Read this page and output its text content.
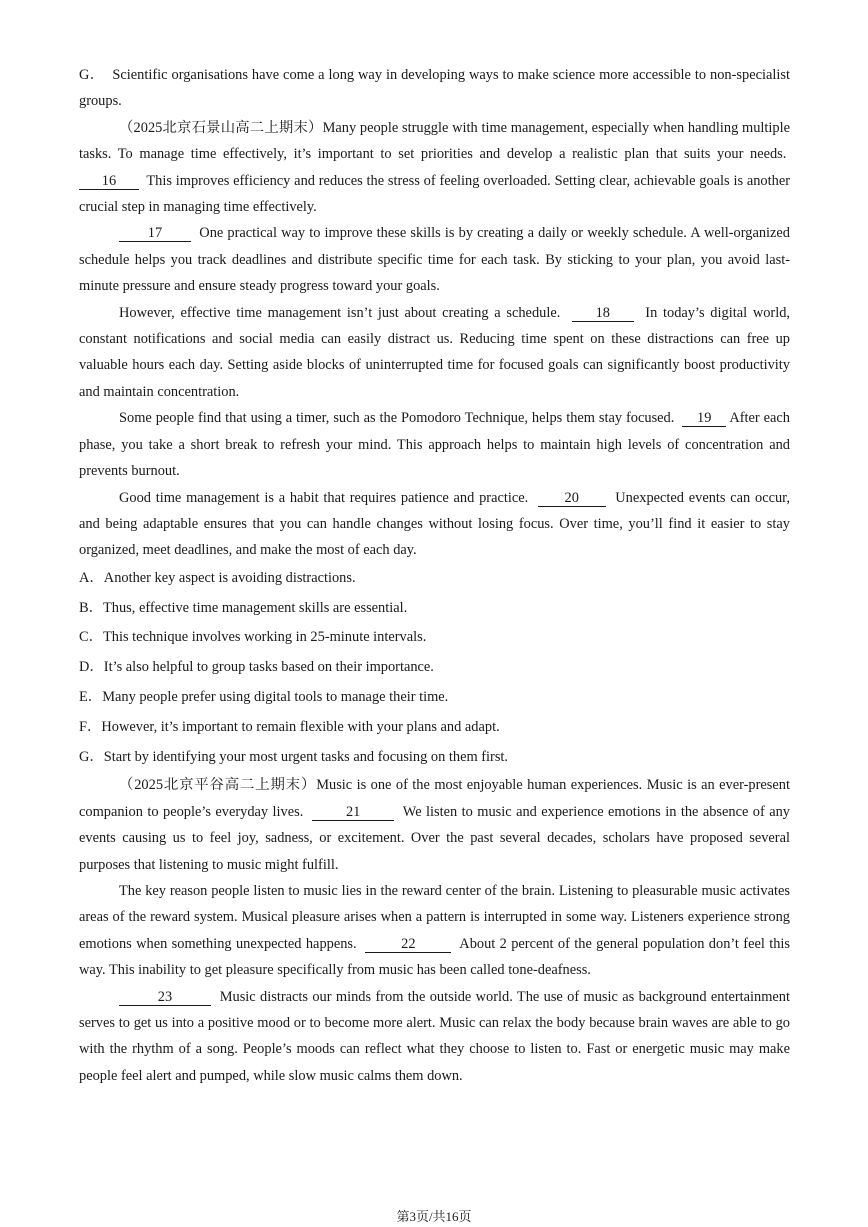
G． Scientific organisations have come a long way in developing ways to make science more accessible to non-specialist groups.

（2025北京石景山高二上期末）Many people struggle with time management, especially when handling multiple tasks. To manage time effectively, it’s important to set priorities and develop a realistic plan that suits your needs.  16 This improves efficiency and reduces the stress of feeling overloaded. Setting clear, achievable goals is another crucial step in managing time effectively.

17	One practical way to improve these skills is by creating a daily or weekly schedule. A well-organized schedule helps you track deadlines and distribute specific time for each task. By sticking to your plan, you avoid last-minute pressure and ensure steady progress toward your goals.

However, effective time management isn’t just about creating a schedule. 18 In today’s digital world, constant notifications and social media can easily distract us. Reducing time spent on these distractions can free up valuable hours each day. Setting aside blocks of uninterrupted time for focused goals can significantly boost productivity and maintain concentration.

Some people find that using a timer, such as the Pomodoro Technique, helps them stay focused. 19 After each phase, you take a short break to refresh your mind. This approach helps to maintain high levels of concentration and prevents burnout.

Good time management is a habit that requires patience and practice.	20	Unexpected events can occur, and being adaptable ensures that you can handle changes without losing focus. Over time, you’ll find it easier to stay organized, meet deadlines, and make the most of each day.

A．Another key aspect is avoiding distractions.

B．Thus, effective time management skills are essential.

C．This technique involves working in 25-minute intervals.

D．It’s also helpful to group tasks based on their importance.

E．Many people prefer using digital tools to manage their time.

F．However, it’s important to remain flexible with your plans and adapt.

G．Start by identifying your most urgent tasks and focusing on them first.

（2025北京平谷高二上期末）Music is one of the most enjoyable human experiences. Music is an ever-present companion to people’s everyday lives.	21	We listen to music and experience emotions in the absence of any events causing us to feel joy, sadness, or excitement. Over the past several decades, scholars have proposed several purposes that listening to music might fulfill.

The key reason people listen to music lies in the reward center of the brain. Listening to pleasurable music activates areas of the reward system. Musical pleasure arises when a pattern is interrupted in some way. Listeners experience strong emotions when something unexpected happens.	22	About 2 percent of the general population don’t feel this way. This inability to get pleasure specifically from music has been called tone-deafness.

23	Music distracts our minds from the outside world. The use of music as background entertainment serves to get us into a positive mood or to become more alert. Music can relax the body because brain waves are able to go with the rhythm of a song. People’s moods can reflect what they choose to listen to. Fast or energetic music may make people feel alert and pumped, while slow music calms them down.

第3页/共16页
